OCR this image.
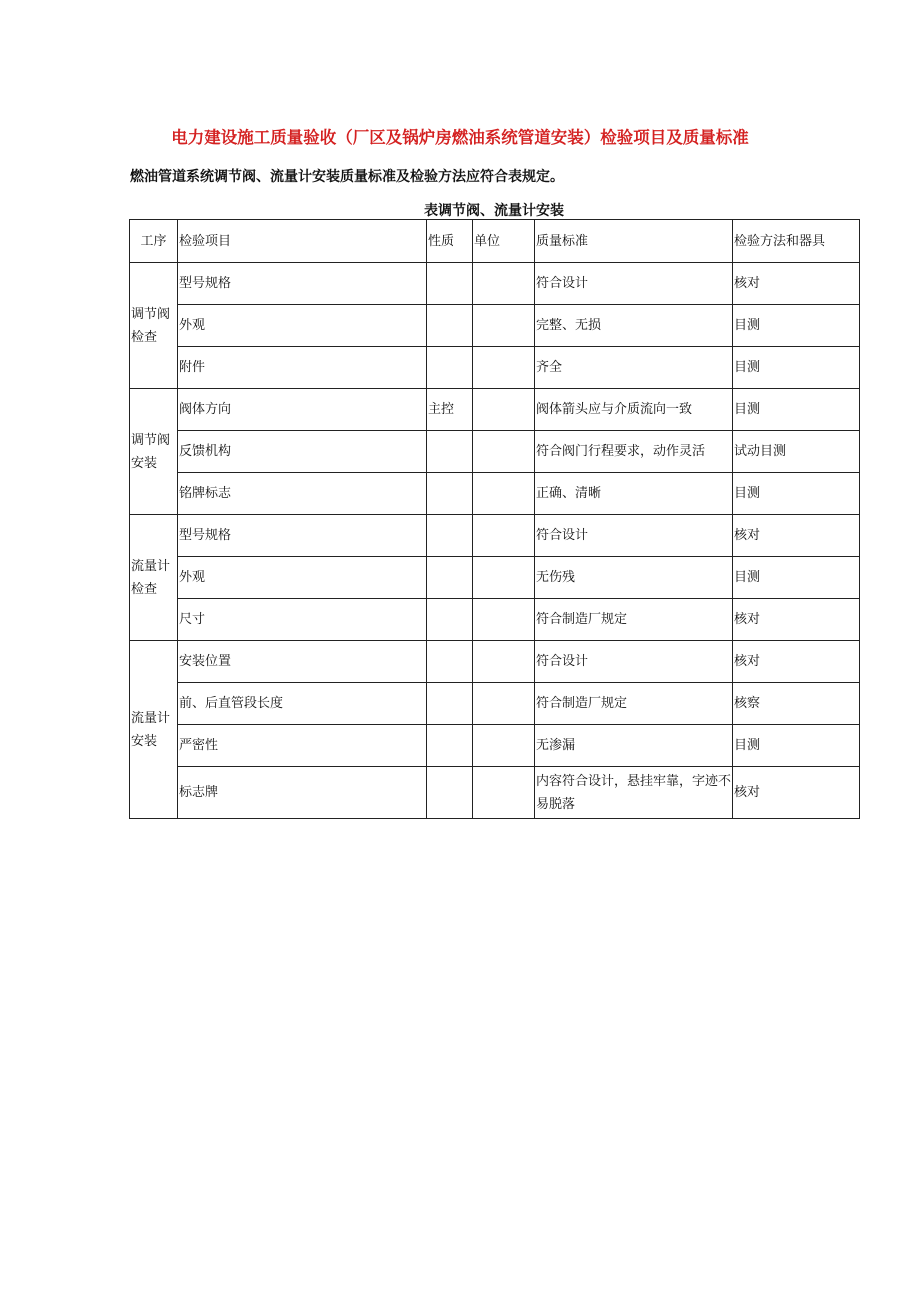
电力建设施工质量验收（厂区及锅炉房燃油系统管道安装）检验项目及质量标准
燃油管道系统调节阀、流量计安装质量标准及检验方法应符合表规定。
表调节阀、流量计安装
工序	检验项目	性质	单位	质量标准	检验方法和器具
调节阀检查	型号规格			符合设计	核对
	外观			完整、无损	目测
	附件			齐全	目测
调节阀安装	阀体方向	主控		阀体箭头应与介质流向一致	目测
	反馈机构			符合阀门行程要求，动作灵活	试动目测
	铭牌标志			正确、清晰	目测
流量计检查	型号规格			符合设计	核对
	外观			无伤残	目测
	尺寸			符合制造厂规定	核对
流量计安装	安装位置			符合设计	核对
	前、后直管段长度			符合制造厂规定	核察
	严密性			无渗漏	目测
	标志牌			内容符合设计，悬挂牢靠，字迹不易脱落	核对
